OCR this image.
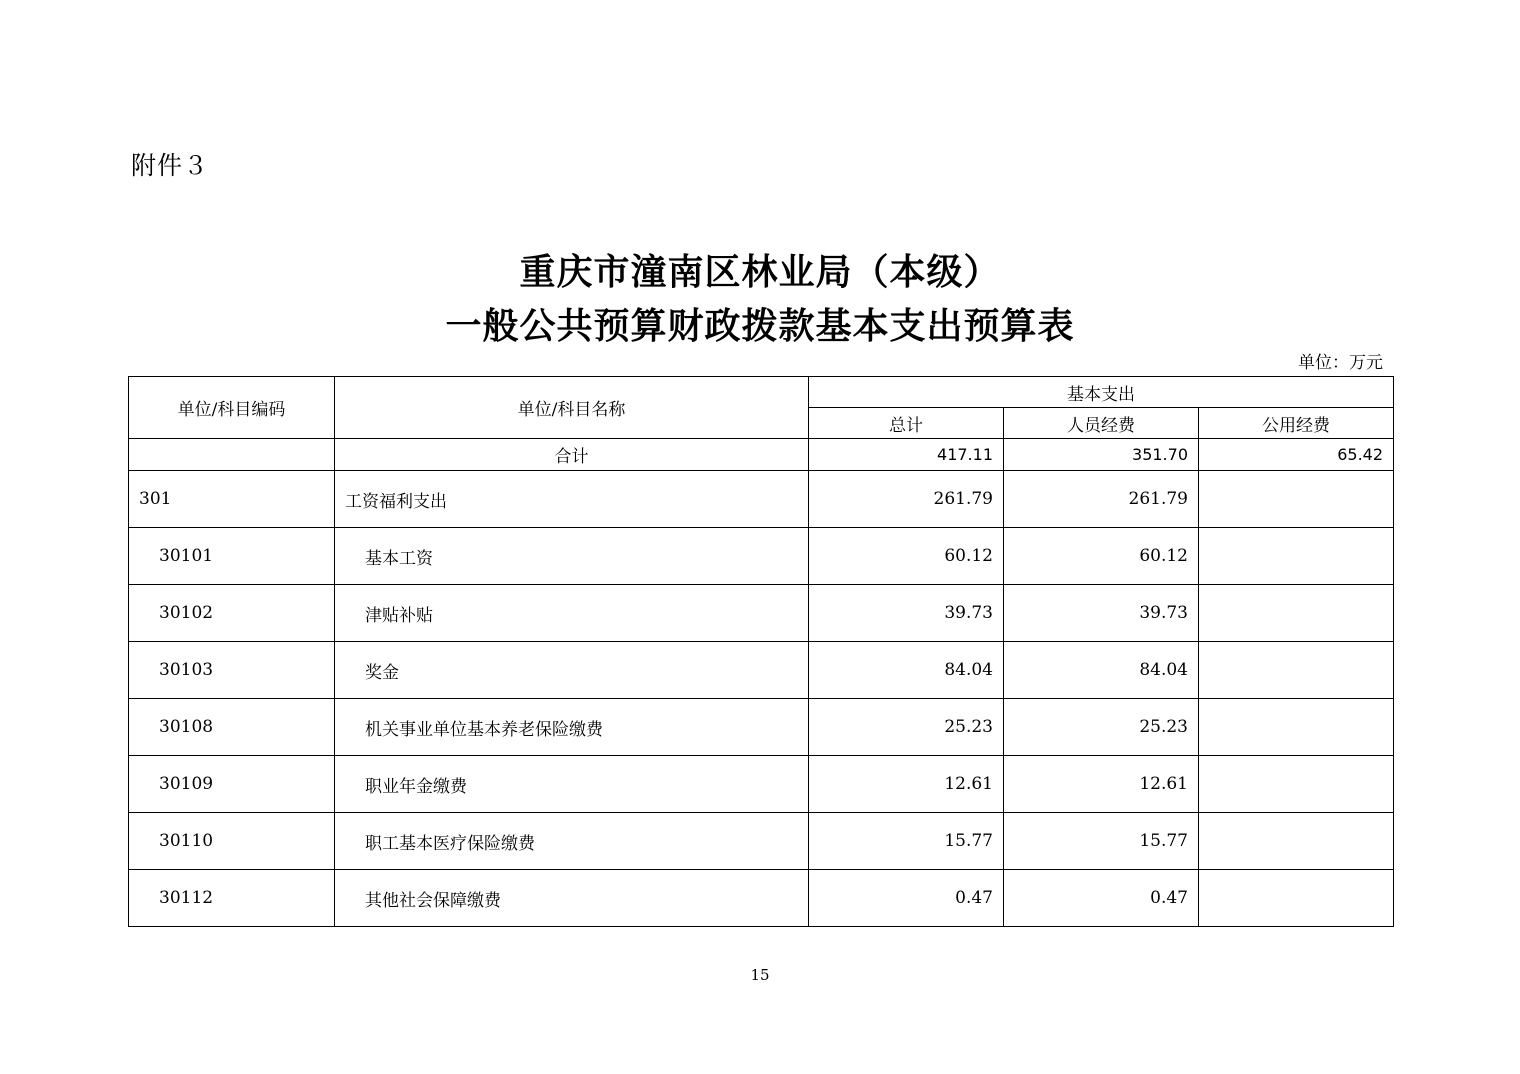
附件３
重庆市潼南区林业局（本级）
一般公共预算财政拨款基本支出预算表
单位：万元
单位/科目编码	单位/科目名称	基本支出		
		总计	人员经费	公用经费
	合计	417.11	351.70	65.42
301	工资福利支出	261.79	261.79	
30101	基本工资	60.12	60.12	
30102	津贴补贴	39.73	39.73	
30103	奖金	84.04	84.04	
30108	机关事业单位基本养老保险缴费	25.23	25.23	
30109	职业年金缴费	12.61	12.61	
30110	职工基本医疗保险缴费	15.77	15.77	
30112	其他社会保障缴费	0.47	0.47	
15
